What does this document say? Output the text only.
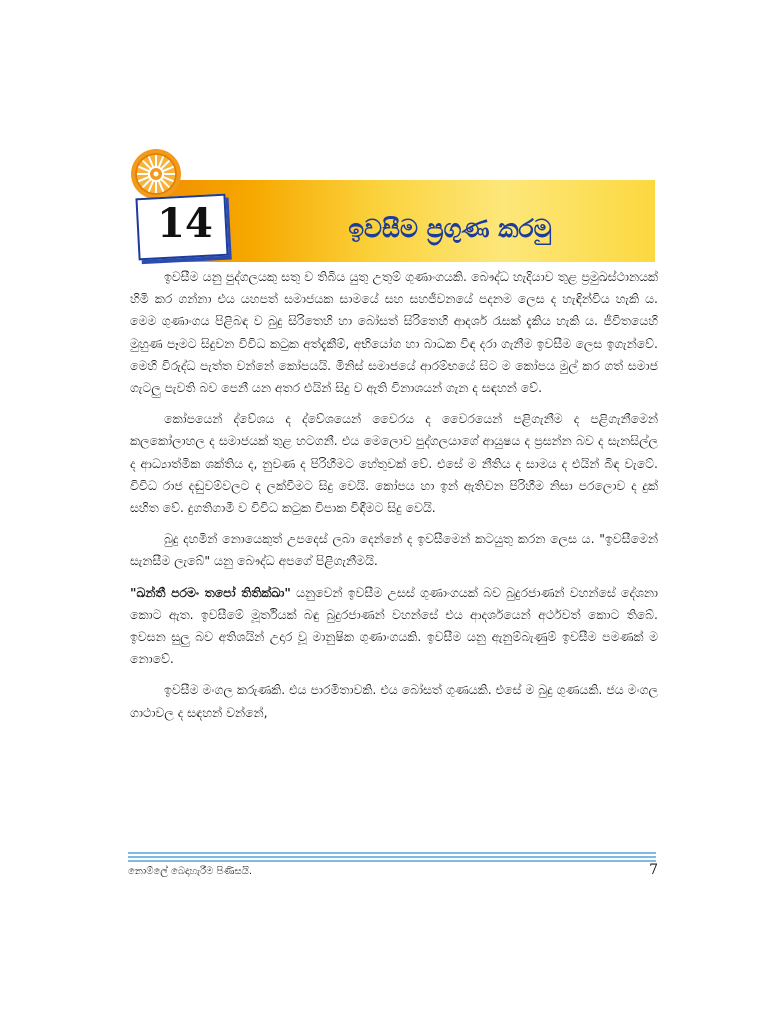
14	ඉවසීම ප්‍රගුණ කරමු

ඉවසීම යනු පුද්ගලයකු සතු ව තිබිය යුතු උතුම් ගුණාංගයකි. බෞද්ධ හැදියාව තුළ ප්‍රමුඛස්ථානයක් හිමි කර ගන්නා එය යහපත් සමාජයක සාමයේ සහ සහජීවනයේ පදනම ලෙස ද හැඳින්විය හැකි ය. මෙම ගුණාංගය පිළිබඳ ව බුදු සිරිතෙහි හා බෝසත් සිරිතෙහි ආදර්ශ රැසක් දැකිය හැකි ය. ජීවිතයෙහි මුහුණ පෑමට සිදුවන විවිධ කටුක අත්දැකීම්, අභියෝග හා බාධක විඳ දරා ගැනීම ඉවසීම ලෙස ඉගැන්වේ. මෙහි විරුද්ධ පැත්ත වන්නේ කෝපයයි. මිනිස් සමාජයේ ආරම්භයේ සිට ම කෝපය මුල් කර ගත් සමාජ ගැටලු පැවති බව පෙනී යන අතර එයින් සිදු ව ඇති විනාශයන් ගැන ද සඳහන් වේ.

කෝපයෙන් ද්වේශය ද ද්වේශයෙන් වෛරය ද වෛරයෙන් පළිගැනීම ද පළිගැනීමෙන් කලකෝලාහල ද සමාජයක් තුළ හටගනී. එය මෙලොව පුද්ගලයාගේ ආයුෂය ද ප්‍රසන්න බව ද සැනසිල්ල ද ආධ්‍යාත්මික ශක්තිය ද, නුවණ ද පිරිහීමට හේතුවක් වේ. එසේ ම නීතිය ද සාමය ද එයින් බිඳ වැටේ. විවිධ රාජ දඬුවම්වලට ද ලක්වීමට සිදු වෙයි. කෝපය හා ඉන් ඇතිවන පිරිහීම නිසා පරලොව ද දුක් සහිත වේ. දුගතිගාමී ව විවිධ කටුක විපාක විඳීමට සිදු වෙයි.

බුදු දහමින් නොයෙකුත් උපදෙස් ලබා දෙන්නේ ද ඉවසීමෙන් කටයුතු කරන ලෙස ය. "ඉවසීමෙන් සැනසීම ලැබේ" යනු බෞද්ධ අපගේ පිළිගැනීමයි.

"ඛන්තී පරමං තපෝ තිතික්ඛා" යනුවෙන් ඉවසීම උසස් ගුණාංගයක් බව බුදුරජාණන් වහන්සේ දේශනා කොට ඇත. ඉවසීමේ මූර්තියක් බඳු බුදුරජාණන් වහන්සේ එය ආදර්ශයෙන් අර්ථවත් කොට තිබේ. ඉවසන සුලු බව අතිශයින් උදාර වූ මානුෂික ගුණාංගයකි. ඉවසීම යනු ඇනුම්බැණුම් ඉවසීම පමණක් ම නොවේ.

ඉවසීම මංගල කරුණකි. එය පාරමිතාවකි. එය බෝසත් ගුණයකි. එසේ ම බුදු ගුණයකි. ජය මංගල ගාථාවල ද සඳහන් වන්නේ,

නොම්ලේ බෙදාහැරීම පිණිසයි.	7
